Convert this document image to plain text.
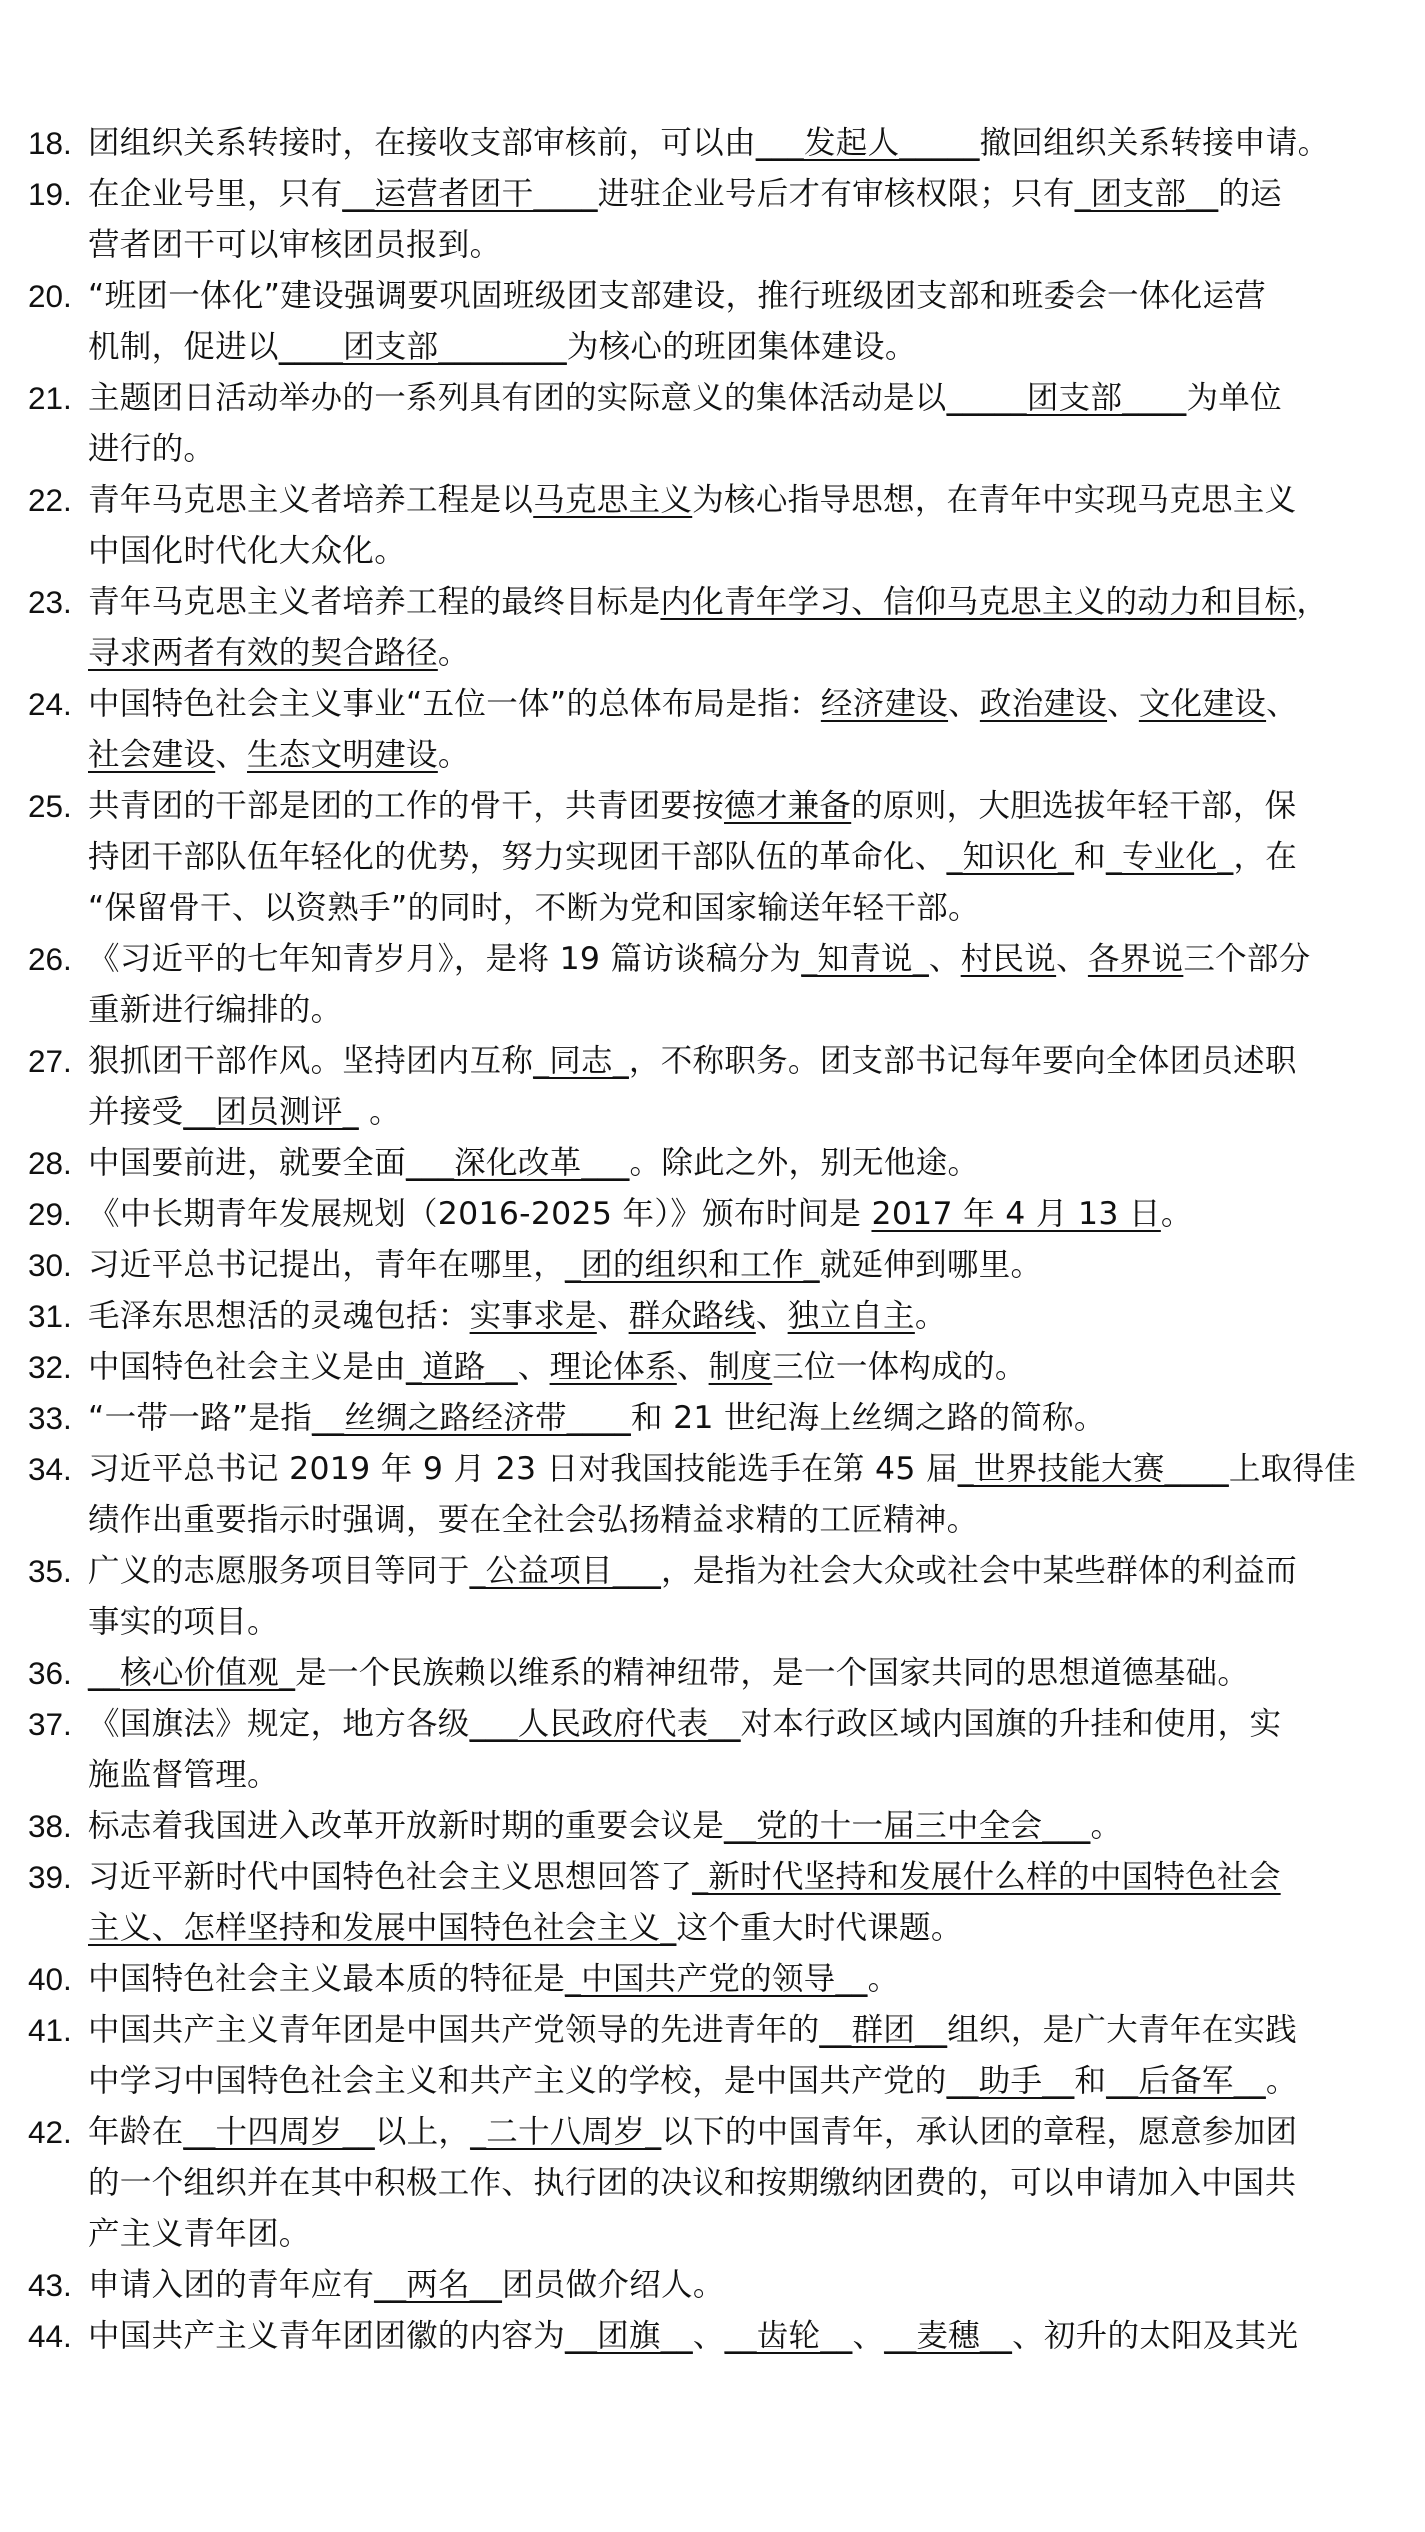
18. 团组织关系转接时，在接收支部审核前，可以由___发起人_____撤回组织关系转接申请。
19. 在企业号里，只有__运营者团干____进驻企业号后才有审核权限；只有_团支部__的运
营者团干可以审核团员报到。
20. “班团一体化”建设强调要巩固班级团支部建设，推行班级团支部和班委会一体化运营
机制，促进以____团支部________为核心的班团集体建设。
21. 主题团日活动举办的一系列具有团的实际意义的集体活动是以_____团支部____为单位
进行的。
22. 青年马克思主义者培养工程是以马克思主义为核心指导思想，在青年中实现马克思主义
中国化时代化大众化。
23. 青年马克思主义者培养工程的最终目标是内化青年学习、信仰马克思主义的动力和目标，
寻求两者有效的契合路径。
24. 中国特色社会主义事业“五位一体”的总体布局是指：经济建设、政治建设、文化建设、
社会建设、生态文明建设。
25. 共青团的干部是团的工作的骨干，共青团要按德才兼备的原则，大胆选拔年轻干部，保
持团干部队伍年轻化的优势，努力实现团干部队伍的革命化、_知识化_和_专业化_，在
“保留骨干、以资熟手”的同时，不断为党和国家输送年轻干部。
26. 《习近平的七年知青岁月》，是将 19 篇访谈稿分为_知青说_、村民说、各界说三个部分
重新进行编排的。
27. 狠抓团干部作风。坚持团内互称_同志_，不称职务。团支部书记每年要向全体团员述职
并接受__团员测评_ 。
28. 中国要前进，就要全面___深化改革___。除此之外，别无他途。
29. 《中长期青年发展规划（2016-2025 年）》颁布时间是 2017 年 4 月 13 日。
30. 习近平总书记提出，青年在哪里，_团的组织和工作_就延伸到哪里。
31. 毛泽东思想活的灵魂包括：实事求是、群众路线、独立自主。
32. 中国特色社会主义是由_道路__、理论体系、制度三位一体构成的。
33. “一带一路”是指__丝绸之路经济带____和 21 世纪海上丝绸之路的简称。
34. 习近平总书记 2019 年 9 月 23 日对我国技能选手在第 45 届_世界技能大赛____上取得佳
绩作出重要指示时强调，要在全社会弘扬精益求精的工匠精神。
35. 广义的志愿服务项目等同于_公益项目___，是指为社会大众或社会中某些群体的利益而
事实的项目。
36. __核心价值观_是一个民族赖以维系的精神纽带，是一个国家共同的思想道德基础。
37. 《国旗法》规定，地方各级___人民政府代表__对本行政区域内国旗的升挂和使用，实
施监督管理。
38. 标志着我国进入改革开放新时期的重要会议是__党的十一届三中全会___。
39. 习近平新时代中国特色社会主义思想回答了_新时代坚持和发展什么样的中国特色社会
主义、怎样坚持和发展中国特色社会主义_这个重大时代课题。
40. 中国特色社会主义最本质的特征是_中国共产党的领导__。
41. 中国共产主义青年团是中国共产党领导的先进青年的__群团__组织，是广大青年在实践
中学习中国特色社会主义和共产主义的学校，是中国共产党的__助手__和__后备军__。
42. 年龄在__十四周岁__以上，_二十八周岁_以下的中国青年，承认团的章程，愿意参加团
的一个组织并在其中积极工作、执行团的决议和按期缴纳团费的，可以申请加入中国共
产主义青年团。
43. 申请入团的青年应有__两名__团员做介绍人。
44. 中国共产主义青年团团徽的内容为__团旗__、__齿轮__、__麦穗__、初升的太阳及其光
